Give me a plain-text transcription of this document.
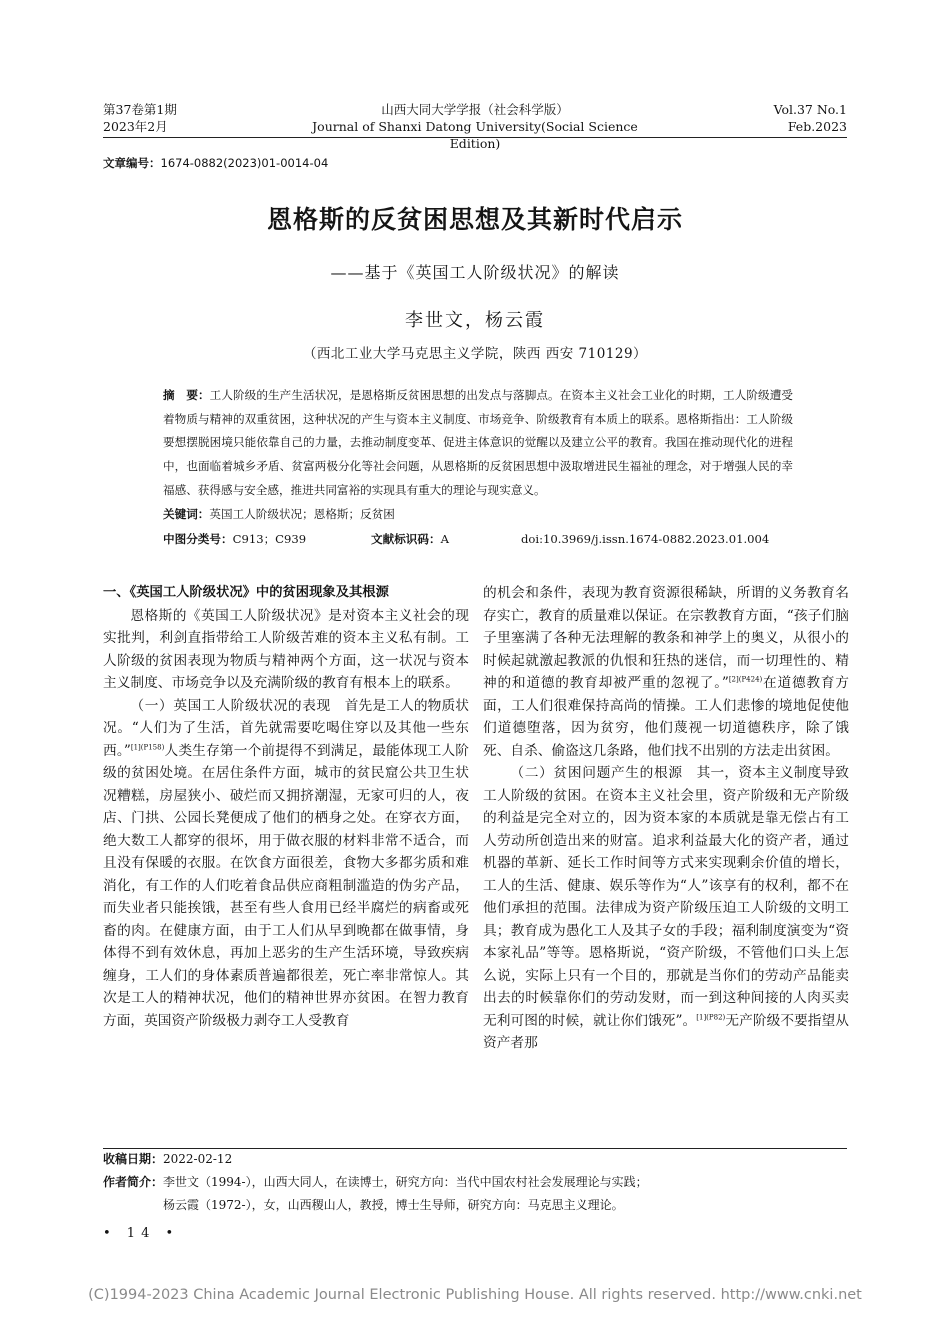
第37卷第1期
2023年2月
山西大同大学学报（社会科学版）
Journal of Shanxi Datong University(Social Science Edition)
Vol.37 No.1
Feb.2023
文章编号：1674-0882(2023)01-0014-04
恩格斯的反贫困思想及其新时代启示
——基于《英国工人阶级状况》的解读
李世文，杨云霞
（西北工业大学马克思主义学院，陕西 西安 710129）
摘　要：工人阶级的生产生活状况，是恩格斯反贫困思想的出发点与落脚点。在资本主义社会工业化的时期，工人阶级遭受着物质与精神的双重贫困，这种状况的产生与资本主义制度、市场竞争、阶级教育有本质上的联系。恩格斯指出：工人阶级要想摆脱困境只能依靠自己的力量，去推动制度变革、促进主体意识的觉醒以及建立公平的教育。我国在推动现代化的进程中，也面临着城乡矛盾、贫富两极分化等社会问题，从恩格斯的反贫困思想中汲取增进民生福祉的理念，对于增强人民的幸福感、获得感与安全感，推进共同富裕的实现具有重大的理论与现实意义。
关键词：英国工人阶级状况；恩格斯；反贫困
中图分类号：C913；C939	文献标识码：A	doi:10.3969/j.issn.1674-0882.2023.01.004

一、《英国工人阶级状况》中的贫困现象及其根源

恩格斯的《英国工人阶级状况》是对资本主义社会的现实批判，利剑直指带给工人阶级苦难的资本主义私有制。工人阶级的贫困表现为物质与精神两个方面，这一状况与资本主义制度、市场竞争以及充满阶级的教育有根本上的联系。

（一）英国工人阶级状况的表现　 首先是工人的物质状况。“人们为了生活，首先就需要吃喝住穿以及其他一些东西。”$^{[1](P158)}$人类生存第一个前提得不到满足，最能体现工人阶级的贫困处境。在居住条件方面，城市的贫民窟公共卫生状况糟糕，房屋狭小、破烂而又拥挤潮湿，无家可归的人，夜店、门拱、公园长凳便成了他们的栖身之处。在穿衣方面，绝大数工人都穿的很坏，用于做衣服的材料非常不适合，而且没有保暖的衣服。在饮食方面很差，食物大多都劣质和难消化，有工作的人们吃着食品供应商粗制滥造的伪劣产品，而失业者只能挨饿，甚至有些人食用已经半腐烂的病畜或死畜的肉。在健康方面，由于工人们从早到晚都在做事情，身体得不到有效休息，再加上恶劣的生产生活环境，导致疾病缠身，工人们的身体素质普遍都很差，死亡率非常惊人。其次是工人的精神状况，他们的精神世界亦贫困。在智力教育方面，英国资产阶级极力剥夺工人受教育

的机会和条件，表现为教育资源很稀缺，所谓的义务教育名存实亡，教育的质量难以保证。在宗教教育方面，“孩子们脑子里塞满了各种无法理解的教条和神学上的奥义，从很小的时候起就激起教派的仇恨和狂热的迷信，而一切理性的、精神的和道德的教育却被严重的忽视了。”$^{[2](P424)}$在道德教育方面，工人们很难保持高尚的情操。工人们悲惨的境地促使他们道德堕落，因为贫穷，他们蔑视一切道德秩序，除了饿死、自杀、偷盗这几条路，他们找不出别的方法走出贫困。

（二）贫困问题产生的根源　 其一，资本主义制度导致工人阶级的贫困。在资本主义社会里，资产阶级和无产阶级的利益是完全对立的，因为资本家的本质就是靠无偿占有工人劳动所创造出来的财富。追求利益最大化的资产者，通过机器的革新、延长工作时间等方式来实现剩余价值的增长，工人的生活、健康、娱乐等作为“人”该享有的权利，都不在他们承担的范围。法律成为资产阶级压迫工人阶级的文明工具；教育成为愚化工人及其子女的手段；福利制度演变为“资本家礼品”等等。恩格斯说，“资产阶级，不管他们口头上怎么说，实际上只有一个目的，那就是当你们的劳动产品能卖出去的时候靠你们的劳动发财，而一到这种间接的人肉买卖无利可图的时候，就让你们饿死”。$^{[1](P82)}$无产阶级不要指望从资产者那

收稿日期：2022-02-12
作者简介：李世文（1994-），山西大同人，在读博士，研究方向：当代中国农村社会发展理论与实践；
杨云霞（1972-），女，山西稷山人，教授，博士生导师，研究方向：马克思主义理论。
• 14 •
(C)1994-2023 China Academic Journal Electronic Publishing House. All rights reserved. http://www.cnki.net
